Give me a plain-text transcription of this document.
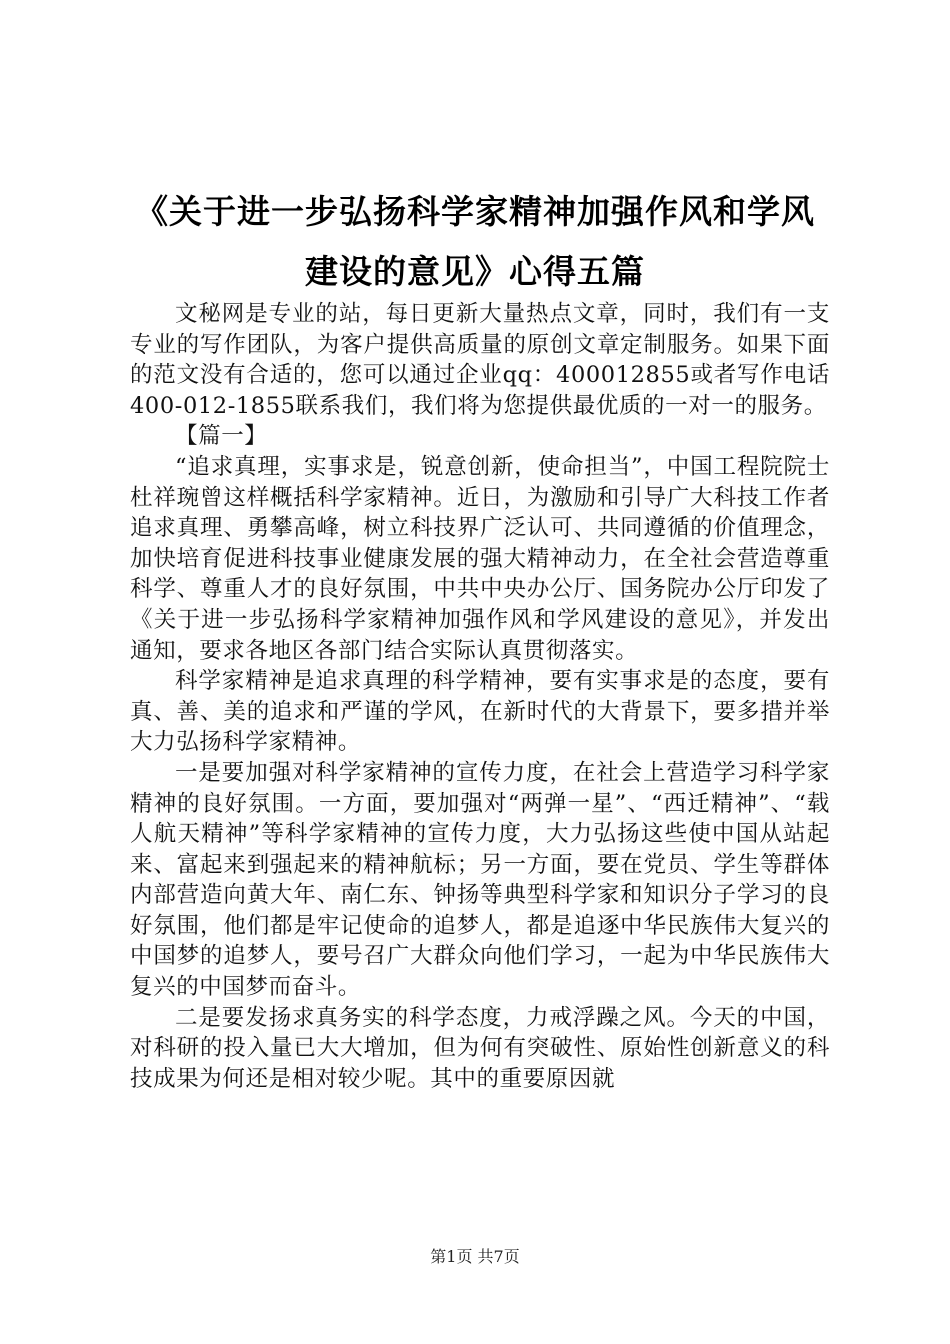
《关于进一步弘扬科学家精神加强作风和学风
建设的意见》心得五篇

文秘网是专业的站，每日更新大量热点文章，同时，我们有一支专业的写作团队，为客户提供高质量的原创文章定制服务。如果下面的范文没有合适的，您可以通过企业qq：400012855或者写作电话400-012-1855联系我们，我们将为您提供最优质的一对一的服务。

【篇一】

“追求真理，实事求是，锐意创新，使命担当”，中国工程院院士杜祥琬曾这样概括科学家精神。近日，为激励和引导广大科技工作者追求真理、勇攀高峰，树立科技界广泛认可、共同遵循的价值理念，加快培育促进科技事业健康发展的强大精神动力，在全社会营造尊重科学、尊重人才的良好氛围，中共中央办公厅、国务院办公厅印发了《关于进一步弘扬科学家精神加强作风和学风建设的意见》，并发出通知，要求各地区各部门结合实际认真贯彻落实。

科学家精神是追求真理的科学精神，要有实事求是的态度，要有真、善、美的追求和严谨的学风，在新时代的大背景下，要多措并举大力弘扬科学家精神。

一是要加强对科学家精神的宣传力度，在社会上营造学习科学家精神的良好氛围。一方面，要加强对“两弹一星”、“西迁精神”、“载人航天精神”等科学家精神的宣传力度，大力弘扬这些使中国从站起来、富起来到强起来的精神航标；另一方面，要在党员、学生等群体内部营造向黄大年、南仁东、钟扬等典型科学家和知识分子学习的良好氛围，他们都是牢记使命的追梦人，都是追逐中华民族伟大复兴的中国梦的追梦人，要号召广大群众向他们学习，一起为中华民族伟大复兴的中国梦而奋斗。

二是要发扬求真务实的科学态度，力戒浮躁之风。今天的中国，对科研的投入量已大大增加，但为何有突破性、原始性创新意义的科技成果为何还是相对较少呢。其中的重要原因就

第1页 共7页
